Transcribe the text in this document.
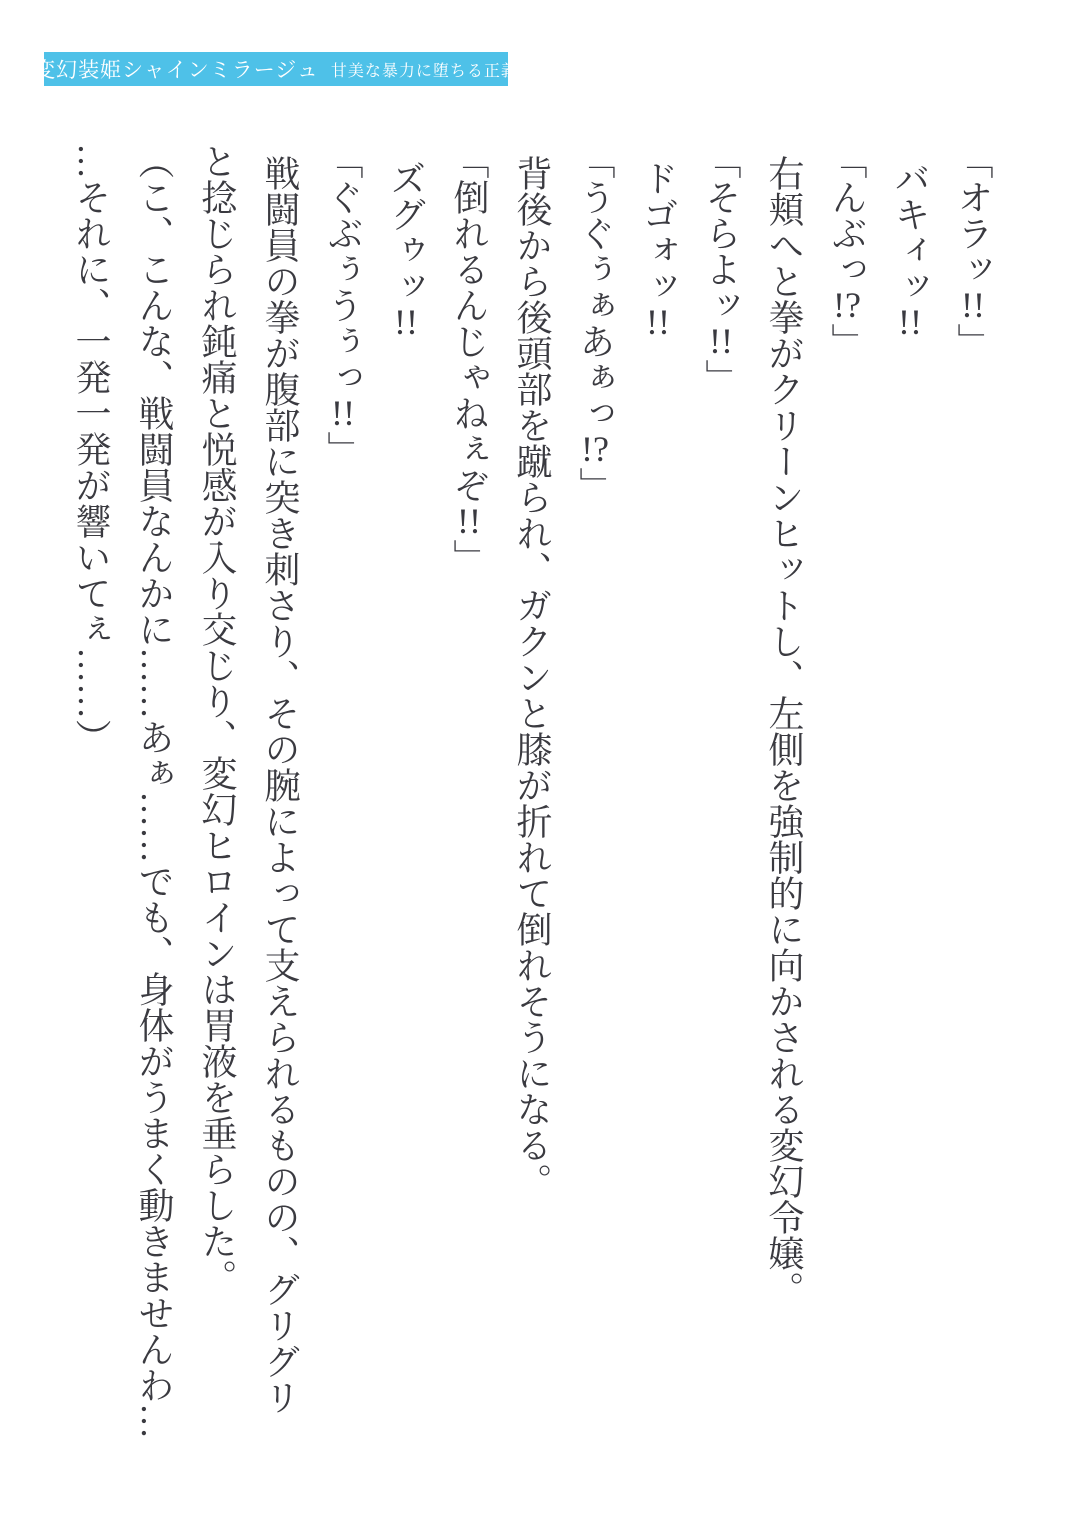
変幻装姫シャインミラージュ 甘美な暴力に堕ちる正義

「オラッ!!」

バキィッ!!

「んぶっ!?」

右頬へと拳がクリーンヒットし、左側を強制的に向かされる変幻令嬢。

「そらよッ!!」

ドゴォッ!!

「うぐぅぁあぁっ!?」

背後から後頭部を蹴られ、ガクンと膝が折れて倒れそうになる。

「倒れるんじゃねぇぞ!!」

ズグゥッ!!

「ぐぶぅうぅっ!!」

戦闘員の拳が腹部に突き刺さり、その腕によって支えられるものの、グリグリ

と捻じられ鈍痛と悦感が入り交じり、変幻ヒロインは胃液を垂らした。

（こ、こんな、戦闘員なんかに……あぁ……でも、身体がうまく動きませんわ…

…それに、一発一発が響いてぇ……）
